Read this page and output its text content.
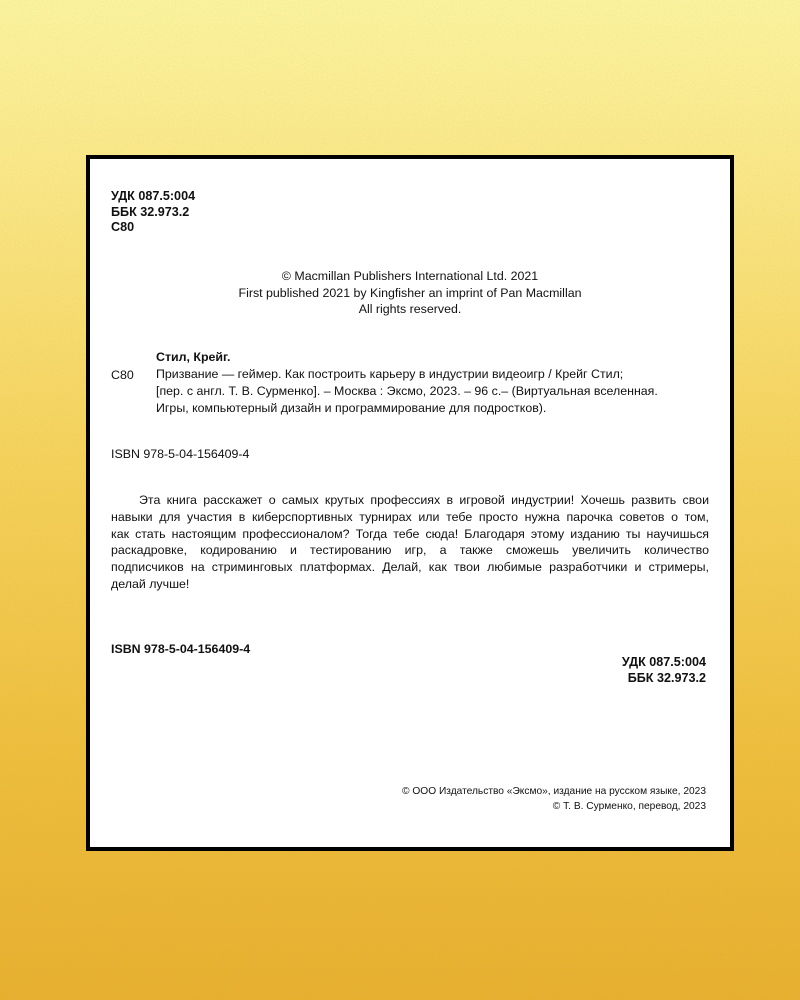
УДК 087.5:004
ББК 32.973.2
С80
© Macmillan Publishers International Ltd. 2021
First published 2021 by Kingfisher an imprint of Pan Macmillan
All rights reserved.
С80
Стил, Крейг.
Призвание — геймер. Как построить карьеру в индустрии видеоигр / Крейг Стил;
[пер. с англ. Т. В. Сурменко]. – Москва : Эксмо, 2023. – 96 с.– (Виртуальная вселенная.
Игры, компьютерный дизайн и программирование для подростков).
ISBN 978-5-04-156409-4
Эта книга расскажет о самых крутых профессиях в игровой индустрии! Хочешь развить свои
навыки для участия в киберспортивных турнирах или тебе просто нужна парочка советов о том,
как стать настоящим профессионалом? Тогда тебе сюда! Благодаря этому изданию ты научишься
раскадровке, кодированию и тестированию игр, а также сможешь увеличить количество
подписчиков на стриминговых платформах. Делай, как твои любимые разработчики и стримеры,
делай лучше!
ISBN 978-5-04-156409-4
УДК 087.5:004
ББК 32.973.2
© ООО Издательство «Эксмо», издание на русском языке, 2023
© Т. В. Сурменко, перевод, 2023
